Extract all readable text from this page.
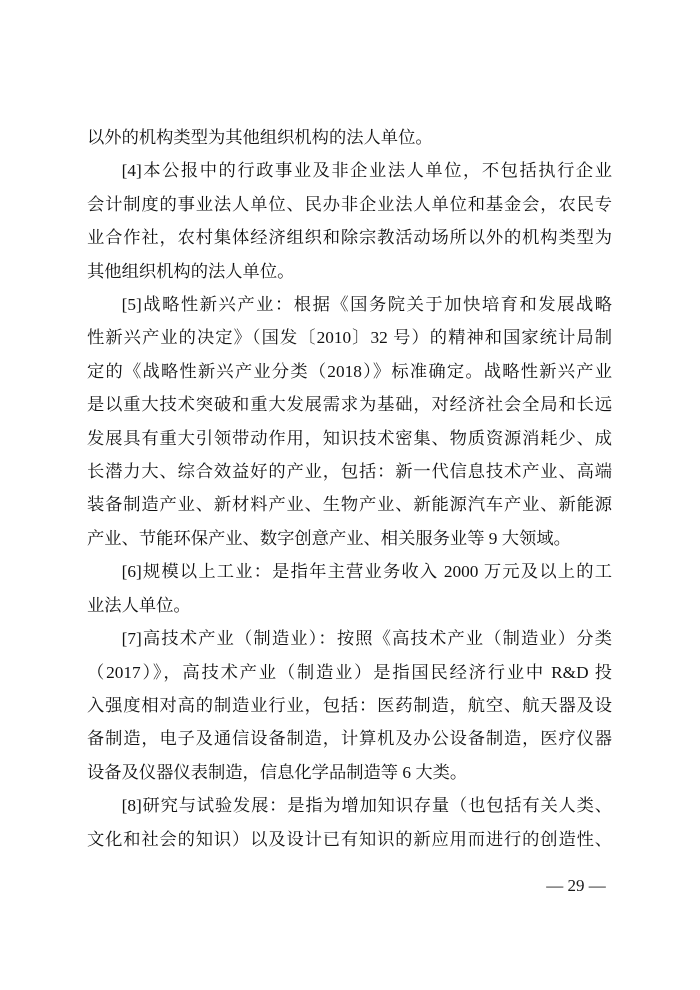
以外的机构类型为其他组织机构的法人单位。
[4]本公报中的行政事业及非企业法人单位，不包括执行企业
会计制度的事业法人单位、民办非企业法人单位和基金会，农民专
业合作社，农村集体经济组织和除宗教活动场所以外的机构类型为
其他组织机构的法人单位。
[5]战略性新兴产业：根据《国务院关于加快培育和发展战略
性新兴产业的决定》（国发〔2010〕32 号）的精神和国家统计局制
定的《战略性新兴产业分类（2018）》标准确定。战略性新兴产业
是以重大技术突破和重大发展需求为基础，对经济社会全局和长远
发展具有重大引领带动作用，知识技术密集、物质资源消耗少、成
长潜力大、综合效益好的产业，包括：新一代信息技术产业、高端
装备制造产业、新材料产业、生物产业、新能源汽车产业、新能源
产业、节能环保产业、数字创意产业、相关服务业等 9 大领域。
[6]规模以上工业：是指年主营业务收入 2000 万元及以上的工
业法人单位。
[7]高技术产业（制造业）：按照《高技术产业（制造业）分类
（2017）》，高技术产业（制造业）是指国民经济行业中 R&D 投
入强度相对高的制造业行业，包括：医药制造，航空、航天器及设
备制造，电子及通信设备制造，计算机及办公设备制造，医疗仪器
设备及仪器仪表制造，信息化学品制造等 6 大类。
[8]研究与试验发展：是指为增加知识存量（也包括有关人类、
文化和社会的知识）以及设计已有知识的新应用而进行的创造性、
— 29 —
